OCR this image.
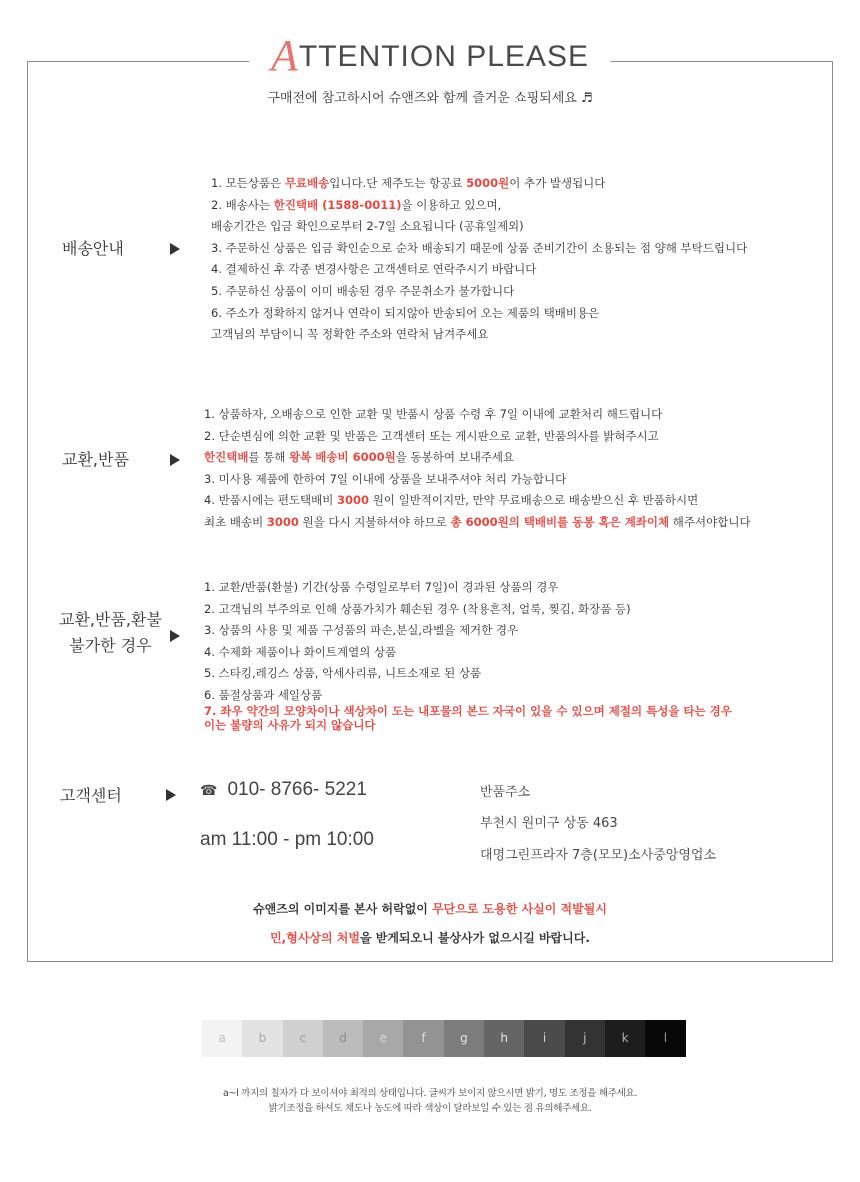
ATTENTION PLEASE
구매전에 참고하시어 슈앤즈와 함께 즐거운 쇼핑되세요 ♬
배송안내
1. 모든상품은 무료배송입니다.단 제주도는 항공료 5000원이 추가 발생됩니다
2. 배송사는 한진택배 (1588-0011)을 이용하고 있으며,
배송기간은 입금 확인으로부터 2-7일 소요됩니다 (공휴일제외)
3. 주문하신 상품은 입금 확인순으로 순차 배송되기 때문에 상품 준비기간이 소용되는 점 양해 부탁드립니다
4. 결제하신 후 각종 변경사항은 고객센터로 연락주시기 바랍니다
5. 주문하신 상품이 이미 배송된 경우 주문취소가 불가합니다
6. 주소가 정확하지 않거나 연락이 되지않아 반송되어 오는 제품의 택배비용은
고객님의 부담이니 꼭 정확한 주소와 연락처 남겨주세요
교환,반품
1. 상품하자, 오배송으로 인한 교환 및 반품시 상품 수령 후 7일 이내에 교환처리 해드립니다
2. 단순변심에 의한 교환 및 반품은 고객센터 또는 게시판으로 교환, 반품의사를 밝혀주시고
한진택배를 통해 왕복 배송비 6000원을 동봉하여 보내주세요
3. 미사용 제품에 한하여 7일 이내에 상품을 보내주셔야 처리 가능합니다
4. 반품시에는 편도택배비 3000 원이 일반적이지만, 만약 무료배송으로 배송받으신 후 반품하시면
최초 배송비 3000 원을 다시 지불하셔야 하므로 총 6000원의 택배비를 동봉 혹은 계좌이체 해주셔야합니다
교환,반품,환불
불가한 경우
1. 교환/반품(환불) 기간(상품 수령일로부터 7일)이 경과된 상품의 경우
2. 고객님의 부주의로 인해 상품가치가 훼손된 경우 (착용흔적, 얼룩, 찢김, 화장품 등)
3. 상품의 사용 및 제품 구성품의 파손,분실,라벨을 제거한 경우
4. 수제화 제품이나 화이트계열의 상품
5. 스타킹,레깅스 상품, 악세사리류, 니트소재로 된 상품
6. 품절상품과 세일상품
7. 좌우 약간의 모양차이나 색상차이 도는 내포물의 본드 자국이 있을 수 있으며 제절의 특성을 타는 경우
이는 불량의 사유가 되지 않습니다
고객센터	☎ 010- 8766- 5221
am 11:00 - pm 10:00
반품주소
부천시 원미구 상동 463
대명그린프라자 7층(모모)소사중앙영업소
슈앤즈의 이미지를 본사 허락없이 무단으로 도용한 사실이 적발될시
민,형사상의 처벌을 받게되오니 불상사가 없으시길 바랍니다.
a	b	c	d	e	f	g	h	i	j	k	l
a~l 까지의 칠자가 다 보이셔야 최적의 상태입니다. 글씨가 보이지 않으시면 밝기, 명도 조정을 해주세요.
밝기조정을 하셔도 채도나 농도에 따라 색상이 달라보일 수 있는 점 유의해주세요.
